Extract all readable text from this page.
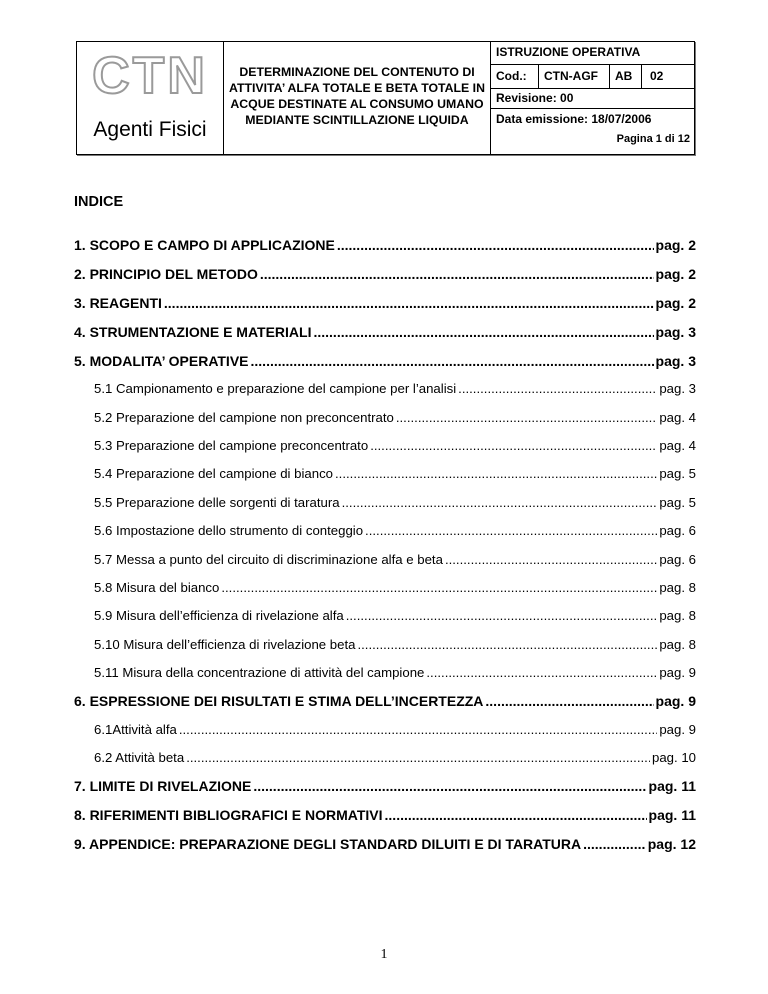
CTN
Agenti Fisici
DETERMINAZIONE DEL CONTENUTO DI ATTIVITA’ ALFA TOTALE E BETA TOTALE IN ACQUE DESTINATE AL CONSUMO UMANO MEDIANTE SCINTILLAZIONE LIQUIDA
ISTRUZIONE OPERATIVA
Cod.: CTN-AGF AB 02
Revisione: 00
Data emissione: 18/07/2006
Pagina 1 di 12
INDICE
1. SCOPO E CAMPO DI APPLICAZIONE .....	pag. 2
2. PRINCIPIO DEL METODO .....	pag. 2
3. REAGENTI .....	pag. 2
4. STRUMENTAZIONE E MATERIALI .....	pag. 3
5. MODALITA’ OPERATIVE .....	pag. 3
5.1 Campionamento e preparazione del campione per l’analisi .....	pag. 3
5.2 Preparazione del campione non preconcentrato .....	pag. 4
5.3 Preparazione del campione preconcentrato .....	pag. 4
5.4 Preparazione del campione di bianco .....	pag. 5
5.5 Preparazione delle sorgenti di taratura .....	pag. 5
5.6 Impostazione dello strumento di conteggio .....	pag. 6
5.7 Messa a punto del circuito di discriminazione alfa e beta .....	pag. 6
5.8 Misura del bianco .....	pag. 8
5.9 Misura dell’efficienza di rivelazione alfa .....	pag. 8
5.10 Misura dell’efficienza di rivelazione beta .....	pag. 8
5.11 Misura della concentrazione di attività del campione .....	pag. 9
6. ESPRESSIONE DEI RISULTATI E STIMA DELL’INCERTEZZA .....	pag. 9
6.1Attività alfa .....	pag. 9
6.2 Attività beta .....	pag. 10
7. LIMITE DI RIVELAZIONE .....	pag. 11
8. RIFERIMENTI BIBLIOGRAFICI E NORMATIVI .....	pag. 11
9. APPENDICE: PREPARAZIONE DEGLI STANDARD DILUITI E DI TARATURA .....	pag. 12
1
